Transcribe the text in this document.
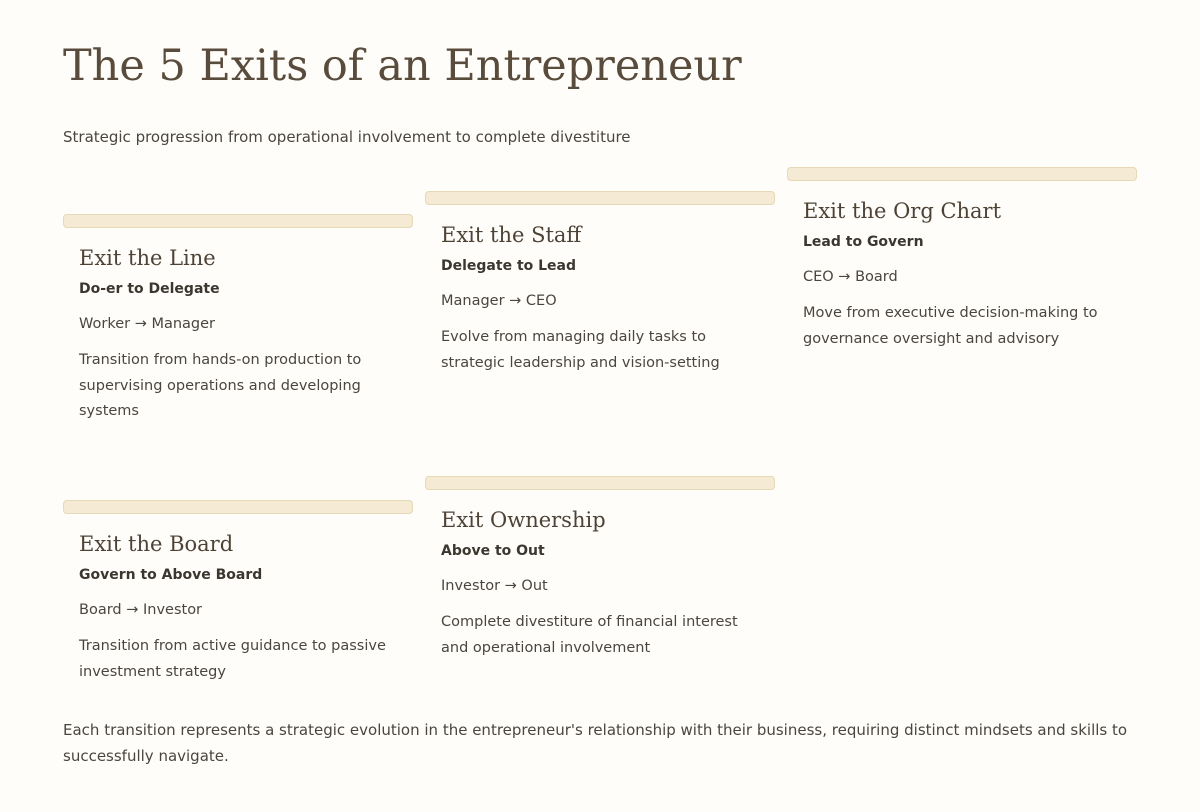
The 5 Exits of an Entrepreneur
Strategic progression from operational involvement to complete divestiture
Exit the Line
Do-er to Delegate
Worker → Manager
Transition from hands-on production to supervising operations and developing systems
Exit the Staff
Delegate to Lead
Manager → CEO
Evolve from managing daily tasks to strategic leadership and vision-setting
Exit the Org Chart
Lead to Govern
CEO → Board
Move from executive decision-making to governance oversight and advisory
Exit the Board
Govern to Above Board
Board → Investor
Transition from active guidance to passive investment strategy
Exit Ownership
Above to Out
Investor → Out
Complete divestiture of financial interest and operational involvement
Each transition represents a strategic evolution in the entrepreneur's relationship with their business, requiring distinct mindsets and skills to successfully navigate.
